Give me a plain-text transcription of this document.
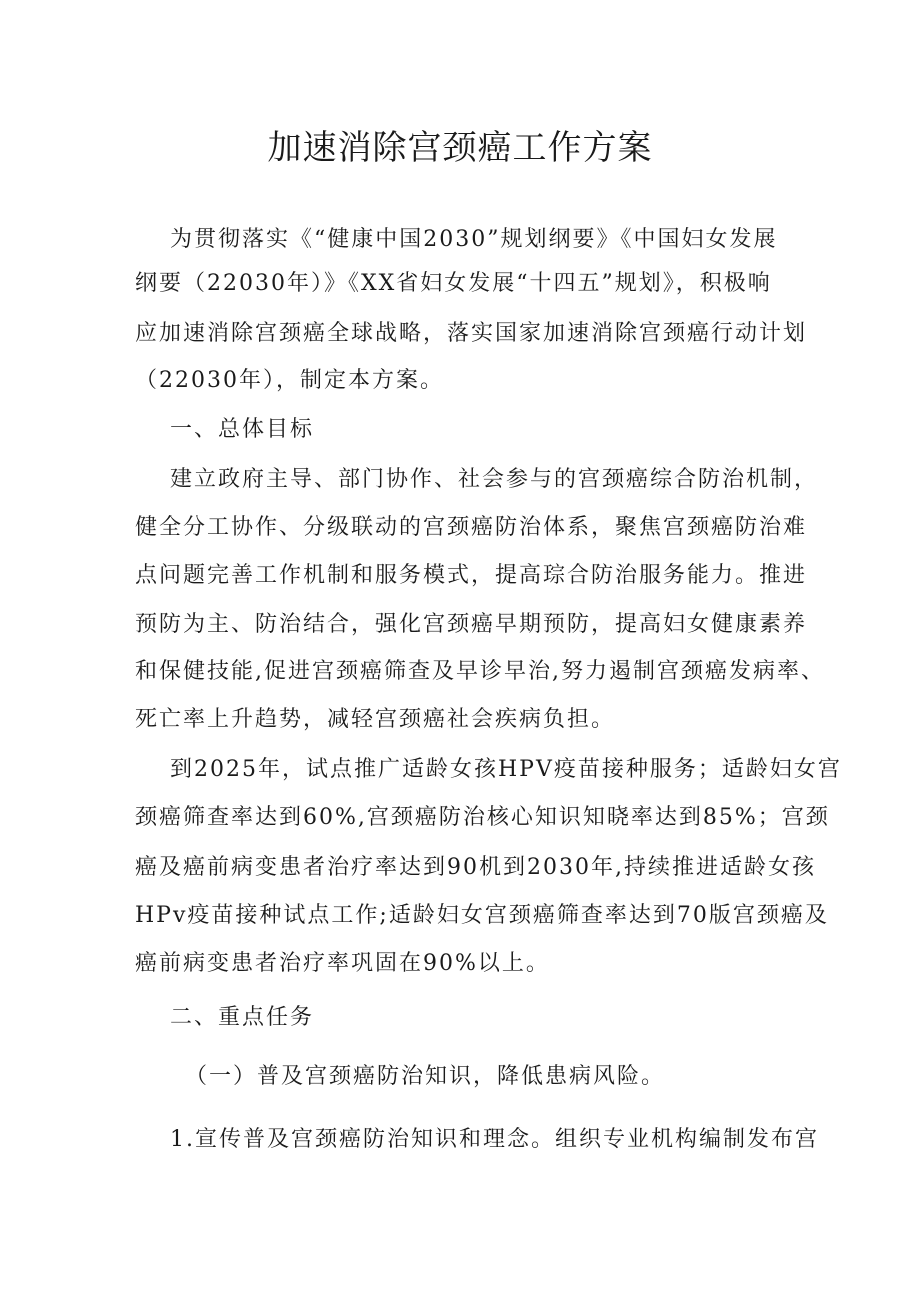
加速消除宫颈癌工作方案
为贯彻落实《“健康中国2030”规划纲要》《中国妇女发展
纲要（22030年）》《XX省妇女发展“十四五”规划》，积极响
应加速消除宫颈癌全球战略，落实国家加速消除宫颈癌行动计划
（22030年），制定本方案。
一、总体目标
建立政府主导、部门协作、社会参与的宫颈癌综合防治机制，
健全分工协作、分级联动的宫颈癌防治体系，聚焦宫颈癌防治难
点问题完善工作机制和服务模式，提高琮合防治服务能力。推进
预防为主、防治结合，强化宫颈癌早期预防，提高妇女健康素养
和保健技能,促进宫颈癌筛查及早诊早治,努力遏制宫颈癌发病率、
死亡率上升趋势，减轻宫颈癌社会疾病负担。
到2025年，试点推广适龄女孩HPV疫苗接种服务；适龄妇女宫
颈癌筛查率达到60%,宫颈癌防治核心知识知晓率达到85%；宫颈
癌及癌前病变患者治疗率达到90机到2030年,持续推进适龄女孩
HPv疫苗接种试点工作;适龄妇女宫颈癌筛查率达到70版宫颈癌及
癌前病变患者治疗率巩固在90%以上。
二、重点任务
（一）普及宫颈癌防治知识，降低患病风险。
1.宣传普及宫颈癌防治知识和理念。组织专业机构编制发布宫
